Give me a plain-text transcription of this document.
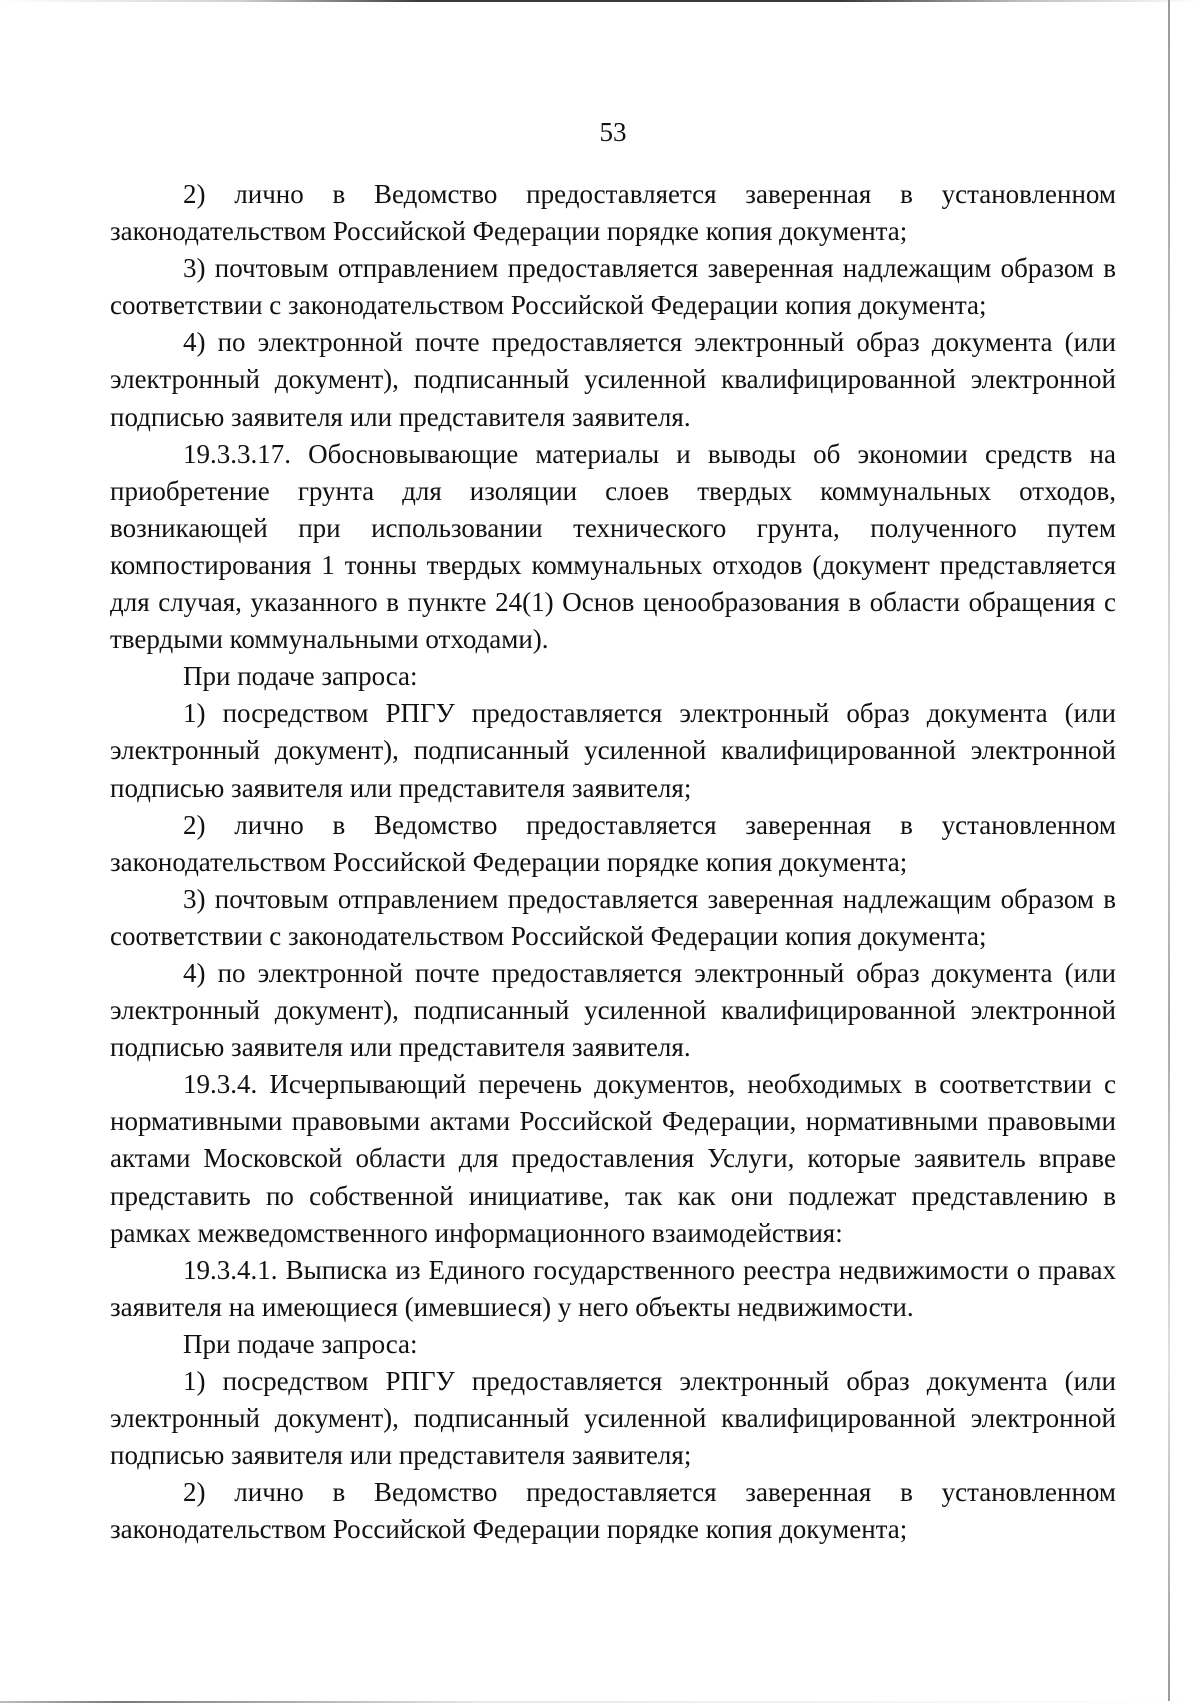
53

2) лично в Ведомство предоставляется заверенная в установленном законодательством Российской Федерации порядке копия документа;

3) почтовым отправлением предоставляется заверенная надлежащим образом в соответствии с законодательством Российской Федерации копия документа;

4) по электронной почте предоставляется электронный образ документа (или электронный документ), подписанный усиленной квалифицированной электронной подписью заявителя или представителя заявителя.

19.3.3.17. Обосновывающие материалы и выводы об экономии средств на приобретение грунта для изоляции слоев твердых коммунальных отходов, возникающей при использовании технического грунта, полученного путем компостирования 1 тонны твердых коммунальных отходов (документ представляется для случая, указанного в пункте 24(1) Основ ценообразования в области обращения с твердыми коммунальными отходами).

При подаче запроса:

1) посредством РПГУ предоставляется электронный образ документа (или электронный документ), подписанный усиленной квалифицированной электронной подписью заявителя или представителя заявителя;

2) лично в Ведомство предоставляется заверенная в установленном законодательством Российской Федерации порядке копия документа;

3) почтовым отправлением предоставляется заверенная надлежащим образом в соответствии с законодательством Российской Федерации копия документа;

4) по электронной почте предоставляется электронный образ документа (или электронный документ), подписанный усиленной квалифицированной электронной подписью заявителя или представителя заявителя.

19.3.4. Исчерпывающий перечень документов, необходимых в соответствии с нормативными правовыми актами Российской Федерации, нормативными правовыми актами Московской области для предоставления Услуги, которые заявитель вправе представить по собственной инициативе, так как они подлежат представлению в рамках межведомственного информационного взаимодействия:

19.3.4.1. Выписка из Единого государственного реестра недвижимости о правах заявителя на имеющиеся (имевшиеся) у него объекты недвижимости.

При подаче запроса:

1) посредством РПГУ предоставляется электронный образ документа (или электронный документ), подписанный усиленной квалифицированной электронной подписью заявителя или представителя заявителя;

2) лично в Ведомство предоставляется заверенная в установленном законодательством Российской Федерации порядке копия документа;
